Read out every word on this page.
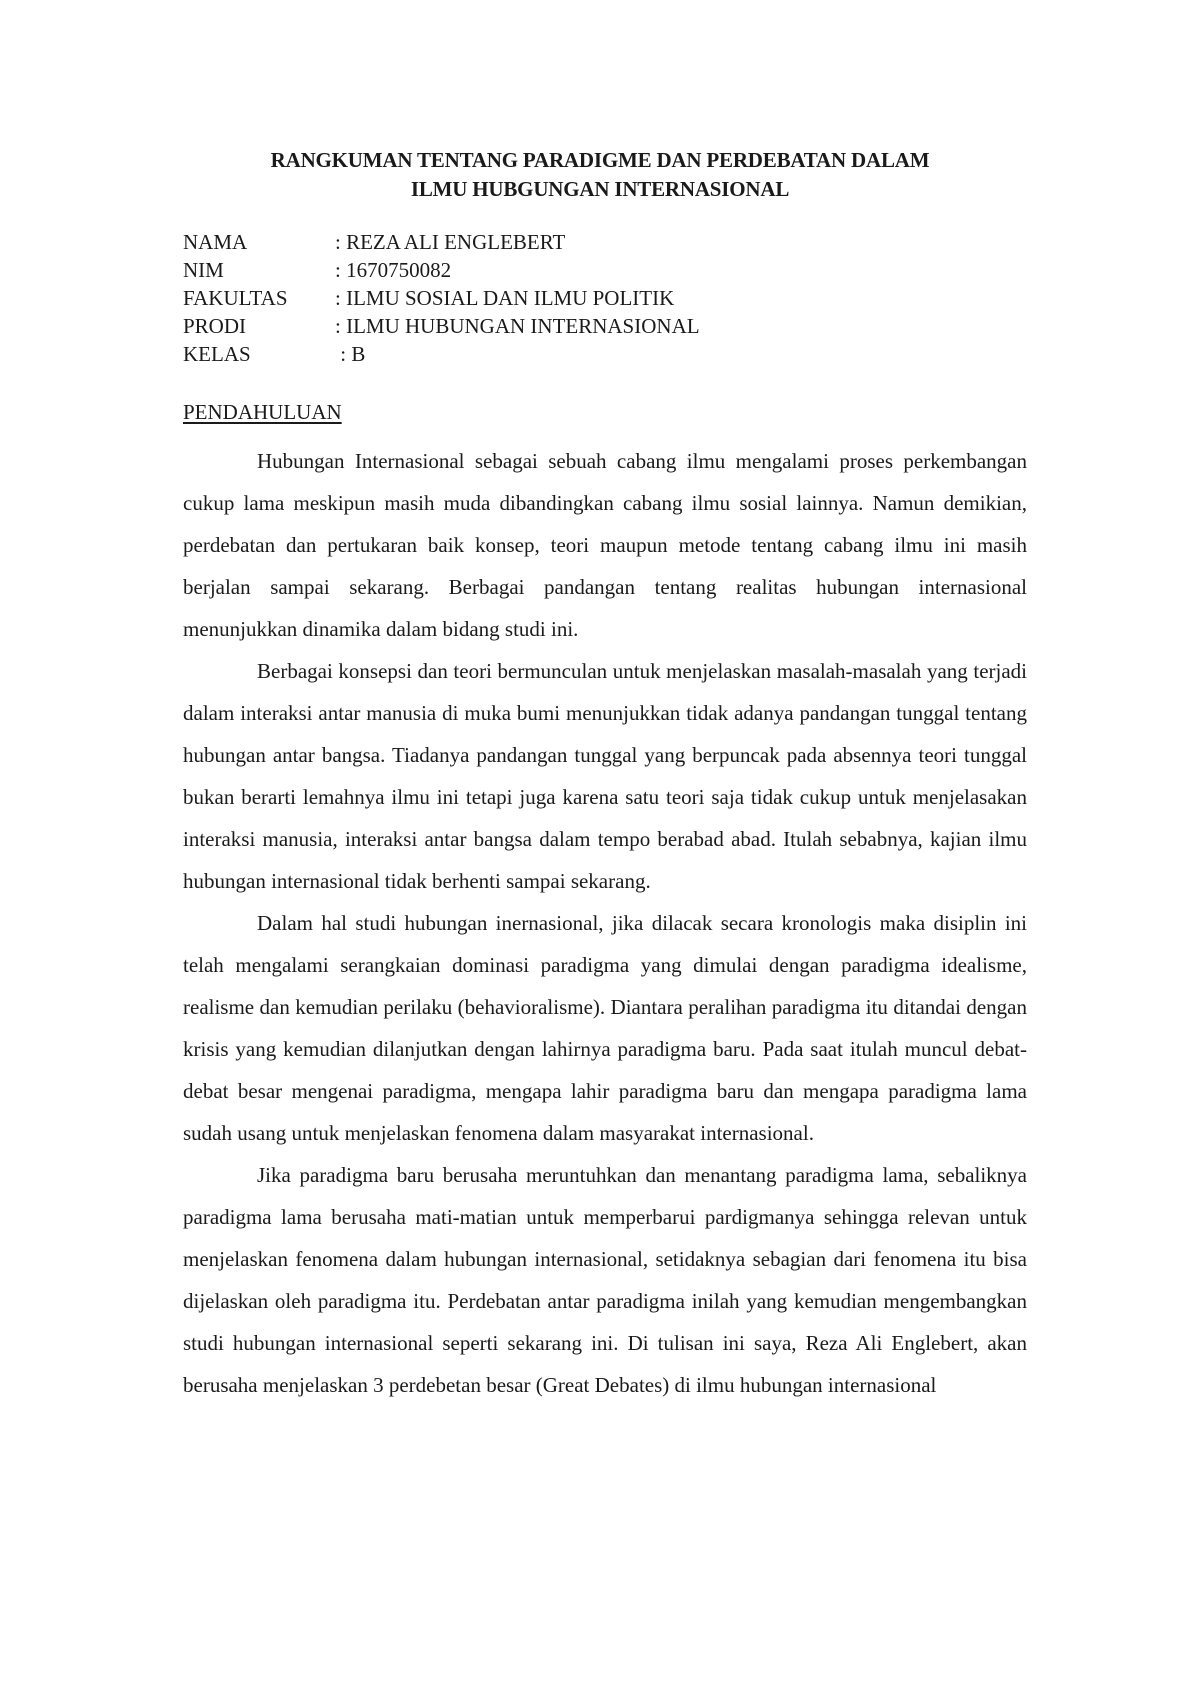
RANGKUMAN TENTANG PARADIGME DAN PERDEBATAN DALAM
ILMU HUBGUNGAN INTERNASIONAL
NAMA	: REZA ALI ENGLEBERT
NIM	: 1670750082
FAKULTAS	: ILMU SOSIAL DAN ILMU POLITIK
PRODI	: ILMU HUBUNGAN INTERNASIONAL
KELAS	: B
PENDAHULUAN

Hubungan Internasional sebagai sebuah cabang ilmu mengalami proses perkembangan cukup lama meskipun masih muda dibandingkan cabang ilmu sosial lainnya. Namun demikian, perdebatan dan pertukaran baik konsep, teori maupun metode tentang cabang ilmu ini masih berjalan sampai sekarang. Berbagai pandangan tentang realitas hubungan internasional menunjukkan dinamika dalam bidang studi ini.

Berbagai konsepsi dan teori bermunculan untuk menjelaskan masalah-masalah yang terjadi dalam interaksi antar manusia di muka bumi menunjukkan tidak adanya pandangan tunggal tentang hubungan antar bangsa. Tiadanya pandangan tunggal yang berpuncak pada absennya teori tunggal bukan berarti lemahnya ilmu ini tetapi juga karena satu teori saja tidak cukup untuk menjelasakan interaksi manusia, interaksi antar bangsa dalam tempo berabad abad. Itulah sebabnya, kajian ilmu hubungan internasional tidak berhenti sampai sekarang.

Dalam hal studi hubungan inernasional, jika dilacak secara kronologis maka disiplin ini telah mengalami serangkaian dominasi paradigma yang dimulai dengan paradigma idealisme, realisme dan kemudian perilaku (behavioralisme). Diantara peralihan paradigma itu ditandai dengan krisis yang kemudian dilanjutkan dengan lahirnya paradigma baru. Pada saat itulah muncul debat-debat besar mengenai paradigma, mengapa lahir paradigma baru dan mengapa paradigma lama sudah usang untuk menjelaskan fenomena dalam masyarakat internasional.

Jika paradigma baru berusaha meruntuhkan dan menantang paradigma lama, sebaliknya paradigma lama berusaha mati-matian untuk memperbarui pardigmanya sehingga relevan untuk menjelaskan fenomena dalam hubungan internasional, setidaknya sebagian dari fenomena itu bisa dijelaskan oleh paradigma itu. Perdebatan antar paradigma inilah yang kemudian mengembangkan studi hubungan internasional seperti sekarang ini. Di tulisan ini saya, Reza Ali Englebert, akan berusaha menjelaskan 3 perdebetan besar (Great Debates) di ilmu hubungan internasional
